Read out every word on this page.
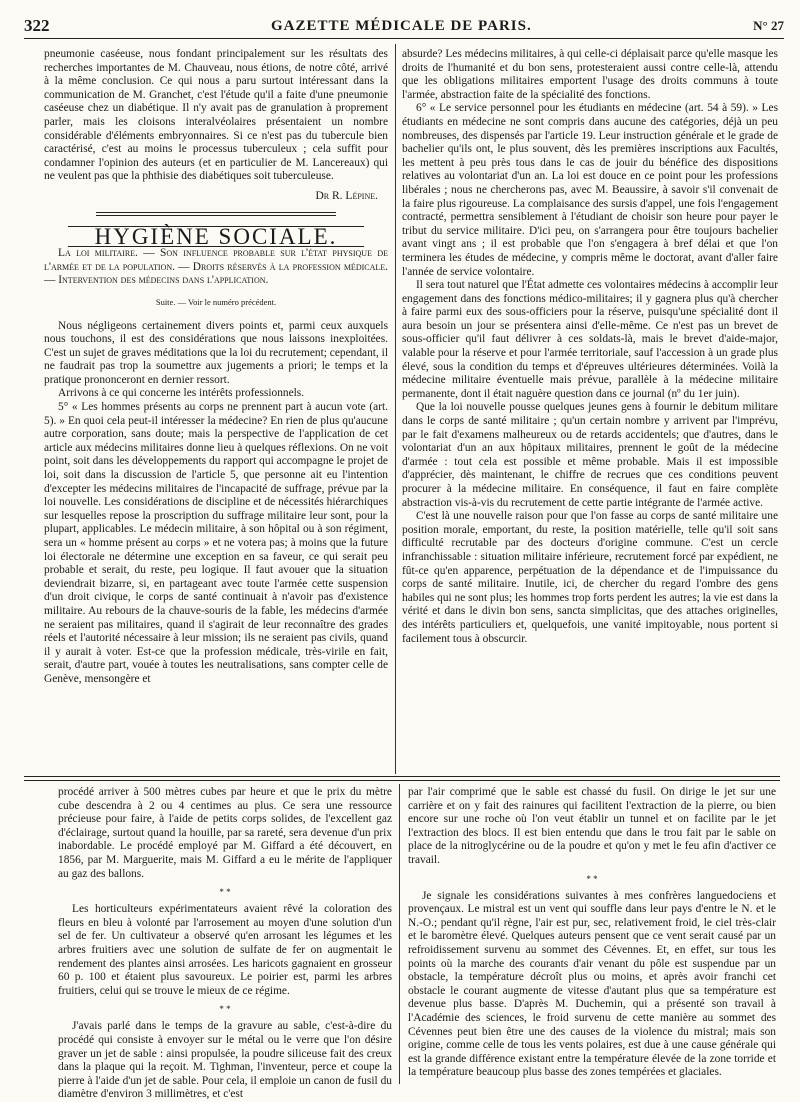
322	GAZETTE MÉDICALE DE PARIS.	N° 27

pneumonie caséeuse, nous fondant principalement sur les résultats des recherches importantes de M. Chauveau, nous étions, de notre côté, arrivé à la même conclusion. Ce qui nous a paru surtout intéressant dans la communication de M. Granchet, c'est l'étude qu'il a faite d'une pneumonie caséeuse chez un diabétique. Il n'y avait pas de granulation à proprement parler, mais les cloisons interalvéolaires présentaient un nombre considérable d'éléments embryonnaires. Si ce n'est pas du tubercule bien caractérisé, c'est au moins le processus tuberculeux ; cela suffit pour condamner l'opinion des auteurs (et en particulier de M. Lancereaux) qui ne veulent pas que la phthisie des diabétiques soit tuberculeuse.

Dr R. Lépine.
HYGIÈNE SOCIALE.

La loi militaire. — Son influence probable sur l'état physique de l'armée et de la population. — Droits réservés à la profession médicale. — Intervention des médecins dans l'application.

Suite. — Voir le numéro précédent.

Nous négligeons certainement divers points et, parmi ceux auxquels nous touchons, il est des considérations que nous laissons inexploitées. C'est un sujet de graves méditations que la loi du recrutement; cependant, il ne faudrait pas trop la soumettre aux jugements a priori; le temps et la pratique prononceront en dernier ressort.

Arrivons à ce qui concerne les intérêts professionnels.

5° « Les hommes présents au corps ne prennent part à aucun vote (art. 5). » En quoi cela peut-il intéresser la médecine? En rien de plus qu'aucune autre corporation, sans doute; mais la perspective de l'application de cet article aux médecins militaires donne lieu à quelques réflexions. On ne voit point, soit dans les développements du rapport qui accompagne le projet de loi, soit dans la discussion de l'article 5, que personne ait eu l'intention d'excepter les médecins militaires de l'incapacité de suffrage, prévue par la loi nouvelle. Les considérations de discipline et de nécessités hiérarchiques sur lesquelles repose la proscription du suffrage militaire leur sont, pour la plupart, applicables. Le médecin militaire, à son hôpital ou à son régiment, sera un « homme présent au corps » et ne votera pas; à moins que la future loi électorale ne détermine une exception en sa faveur, ce qui serait peu probable et serait, du reste, peu logique. Il faut avouer que la situation deviendrait bizarre, si, en partageant avec toute l'armée cette suspension d'un droit civique, le corps de santé continuait à n'avoir pas d'existence militaire. Au rebours de la chauve-souris de la fable, les médecins d'armée ne seraient pas militaires, quand il s'agirait de leur reconnaître des grades réels et l'autorité nécessaire à leur mission; ils ne seraient pas civils, quand il y aurait à voter. Est-ce que la profession médicale, très-virile en fait, serait, d'autre part, vouée à toutes les neutralisations, sans compter celle de Genève, mensongère et

absurde? Les médecins militaires, à qui celle-ci déplaisait parce qu'elle masque les droits de l'humanité et du bon sens, protesteraient aussi contre celle-là, attendu que les obligations militaires emportent l'usage des droits communs à toute l'armée, abstraction faite de la spécialité des fonctions.

6° « Le service personnel pour les étudiants en médecine (art. 54 à 59). » Les étudiants en médecine ne sont compris dans aucune des catégories, déjà un peu nombreuses, des dispensés par l'article 19. Leur instruction générale et le grade de bachelier qu'ils ont, le plus souvent, dès les premières inscriptions aux Facultés, les mettent à peu près tous dans le cas de jouir du bénéfice des dispositions relatives au volontariat d'un an. La loi est douce en ce point pour les professions libérales ; nous ne chercherons pas, avec M. Beaussire, à savoir s'il convenait de la faire plus rigoureuse. La complaisance des sursis d'appel, une fois l'engagement contracté, permettra sensiblement à l'étudiant de choisir son heure pour payer le tribut du service militaire. D'ici peu, on s'arrangera pour être toujours bachelier avant vingt ans ; il est probable que l'on s'engagera à bref délai et que l'on terminera les études de médecine, y compris même le doctorat, avant d'aller faire l'année de service volontaire.

Il sera tout naturel que l'État admette ces volontaires médecins à accomplir leur engagement dans des fonctions médico-militaires; il y gagnera plus qu'à chercher à faire parmi eux des sous-officiers pour la réserve, puisqu'une spécialité dont il aura besoin un jour se présentera ainsi d'elle-même. Ce n'est pas un brevet de sous-officier qu'il faut délivrer à ces soldats-là, mais le brevet d'aide-major, valable pour la réserve et pour l'armée territoriale, sauf l'accession à un grade plus élevé, sous la condition du temps et d'épreuves ultérieures déterminées. Voilà la médecine militaire éventuelle mais prévue, parallèle à la médecine militaire permanente, dont il était naguère question dans ce journal (nº du 1er juin).

Que la loi nouvelle pousse quelques jeunes gens à fournir le debitum militare dans le corps de santé militaire ; qu'un certain nombre y arrivent par l'imprévu, par le fait d'examens malheureux ou de retards accidentels; que d'autres, dans le volontariat d'un an aux hôpitaux militaires, prennent le goût de la médecine d'armée : tout cela est possible et même probable. Mais il est impossible d'apprécier, dès maintenant, le chiffre de recrues que ces conditions peuvent procurer à la médecine militaire. En conséquence, il faut en faire complète abstraction vis-à-vis du recrutement de cette partie intégrante de l'armée active.

C'est là une nouvelle raison pour que l'on fasse au corps de santé militaire une position morale, emportant, du reste, la position matérielle, telle qu'il soit sans difficulté recrutable par des docteurs d'origine commune. C'est un cercle infranchissable : situation militaire inférieure, recrutement forcé par expédient, ne fût-ce qu'en apparence, perpétuation de la dépendance et de l'impuissance du corps de santé militaire. Inutile, ici, de chercher du regard l'ombre des gens habiles qui ne sont plus; les hommes trop forts perdent les autres; la vie est dans la vérité et dans le divin bon sens, sancta simplicitas, que des attaches originelles, des intérêts particuliers et, quelquefois, une vanité impitoyable, nous portent si facilement tous à obscurcir.

procédé arriver à 500 mètres cubes par heure et que le prix du mètre cube descendra à 2 ou 4 centimes au plus. Ce sera une ressource précieuse pour faire, à l'aide de petits corps solides, de l'excellent gaz d'éclairage, surtout quand la houille, par sa rareté, sera devenue d'un prix inabordable. Le procédé employé par M. Giffard a été découvert, en 1856, par M. Marguerite, mais M. Giffard a eu le mérite de l'appliquer au gaz des ballons.

* *

Les horticulteurs expérimentateurs avaient rêvé la coloration des fleurs en bleu à volonté par l'arrosement au moyen d'une solution d'un sel de fer. Un cultivateur a observé qu'en arrosant les légumes et les arbres fruitiers avec une solution de sulfate de fer on augmentait le rendement des plantes ainsi arrosées. Les haricots gagnaient en grosseur 60 p. 100 et étaient plus savoureux. Le poirier est, parmi les arbres fruitiers, celui qui se trouve le mieux de ce régime.

* *

J'avais parlé dans le temps de la gravure au sable, c'est-à-dire du procédé qui consiste à envoyer sur le métal ou le verre que l'on désire graver un jet de sable : ainsi propulsée, la poudre siliceuse fait des creux dans la plaque qui la reçoit. M. Tighman, l'inventeur, perce et coupe la pierre à l'aide d'un jet de sable. Pour cela, il emploie un canon de fusil du diamètre d'environ 3 millimètres, et c'est

par l'air comprimé que le sable est chassé du fusil. On dirige le jet sur une carrière et on y fait des rainures qui facilitent l'extraction de la pierre, ou bien encore sur une roche où l'on veut établir un tunnel et on facilite par le jet l'extraction des blocs. Il est bien entendu que dans le trou fait par le sable on place de la nitroglycérine ou de la poudre et qu'on y met le feu afin d'activer ce travail.

* *

Je signale les considérations suivantes à mes confrères languedociens et provençaux. Le mistral est un vent qui souffle dans leur pays d'entre le N. et le N.-O.; pendant qu'il règne, l'air est pur, sec, relativement froid, le ciel très-clair et le baromètre élevé. Quelques auteurs pensent que ce vent serait causé par un refroidissement survenu au sommet des Cévennes. Et, en effet, sur tous les points où la marche des courants d'air venant du pôle est suspendue par un obstacle, la température décroît plus ou moins, et après avoir franchi cet obstacle le courant augmente de vitesse d'autant plus que sa température est devenue plus basse. D'après M. Duchemin, qui a présenté son travail à l'Académie des sciences, le froid survenu de cette manière au sommet des Cévennes peut bien être une des causes de la violence du mistral; mais son origine, comme celle de tous les vents polaires, est due à une cause générale qui est la grande différence existant entre la température élevée de la zone torride et la température beaucoup plus basse des zones tempérées et glaciales.
